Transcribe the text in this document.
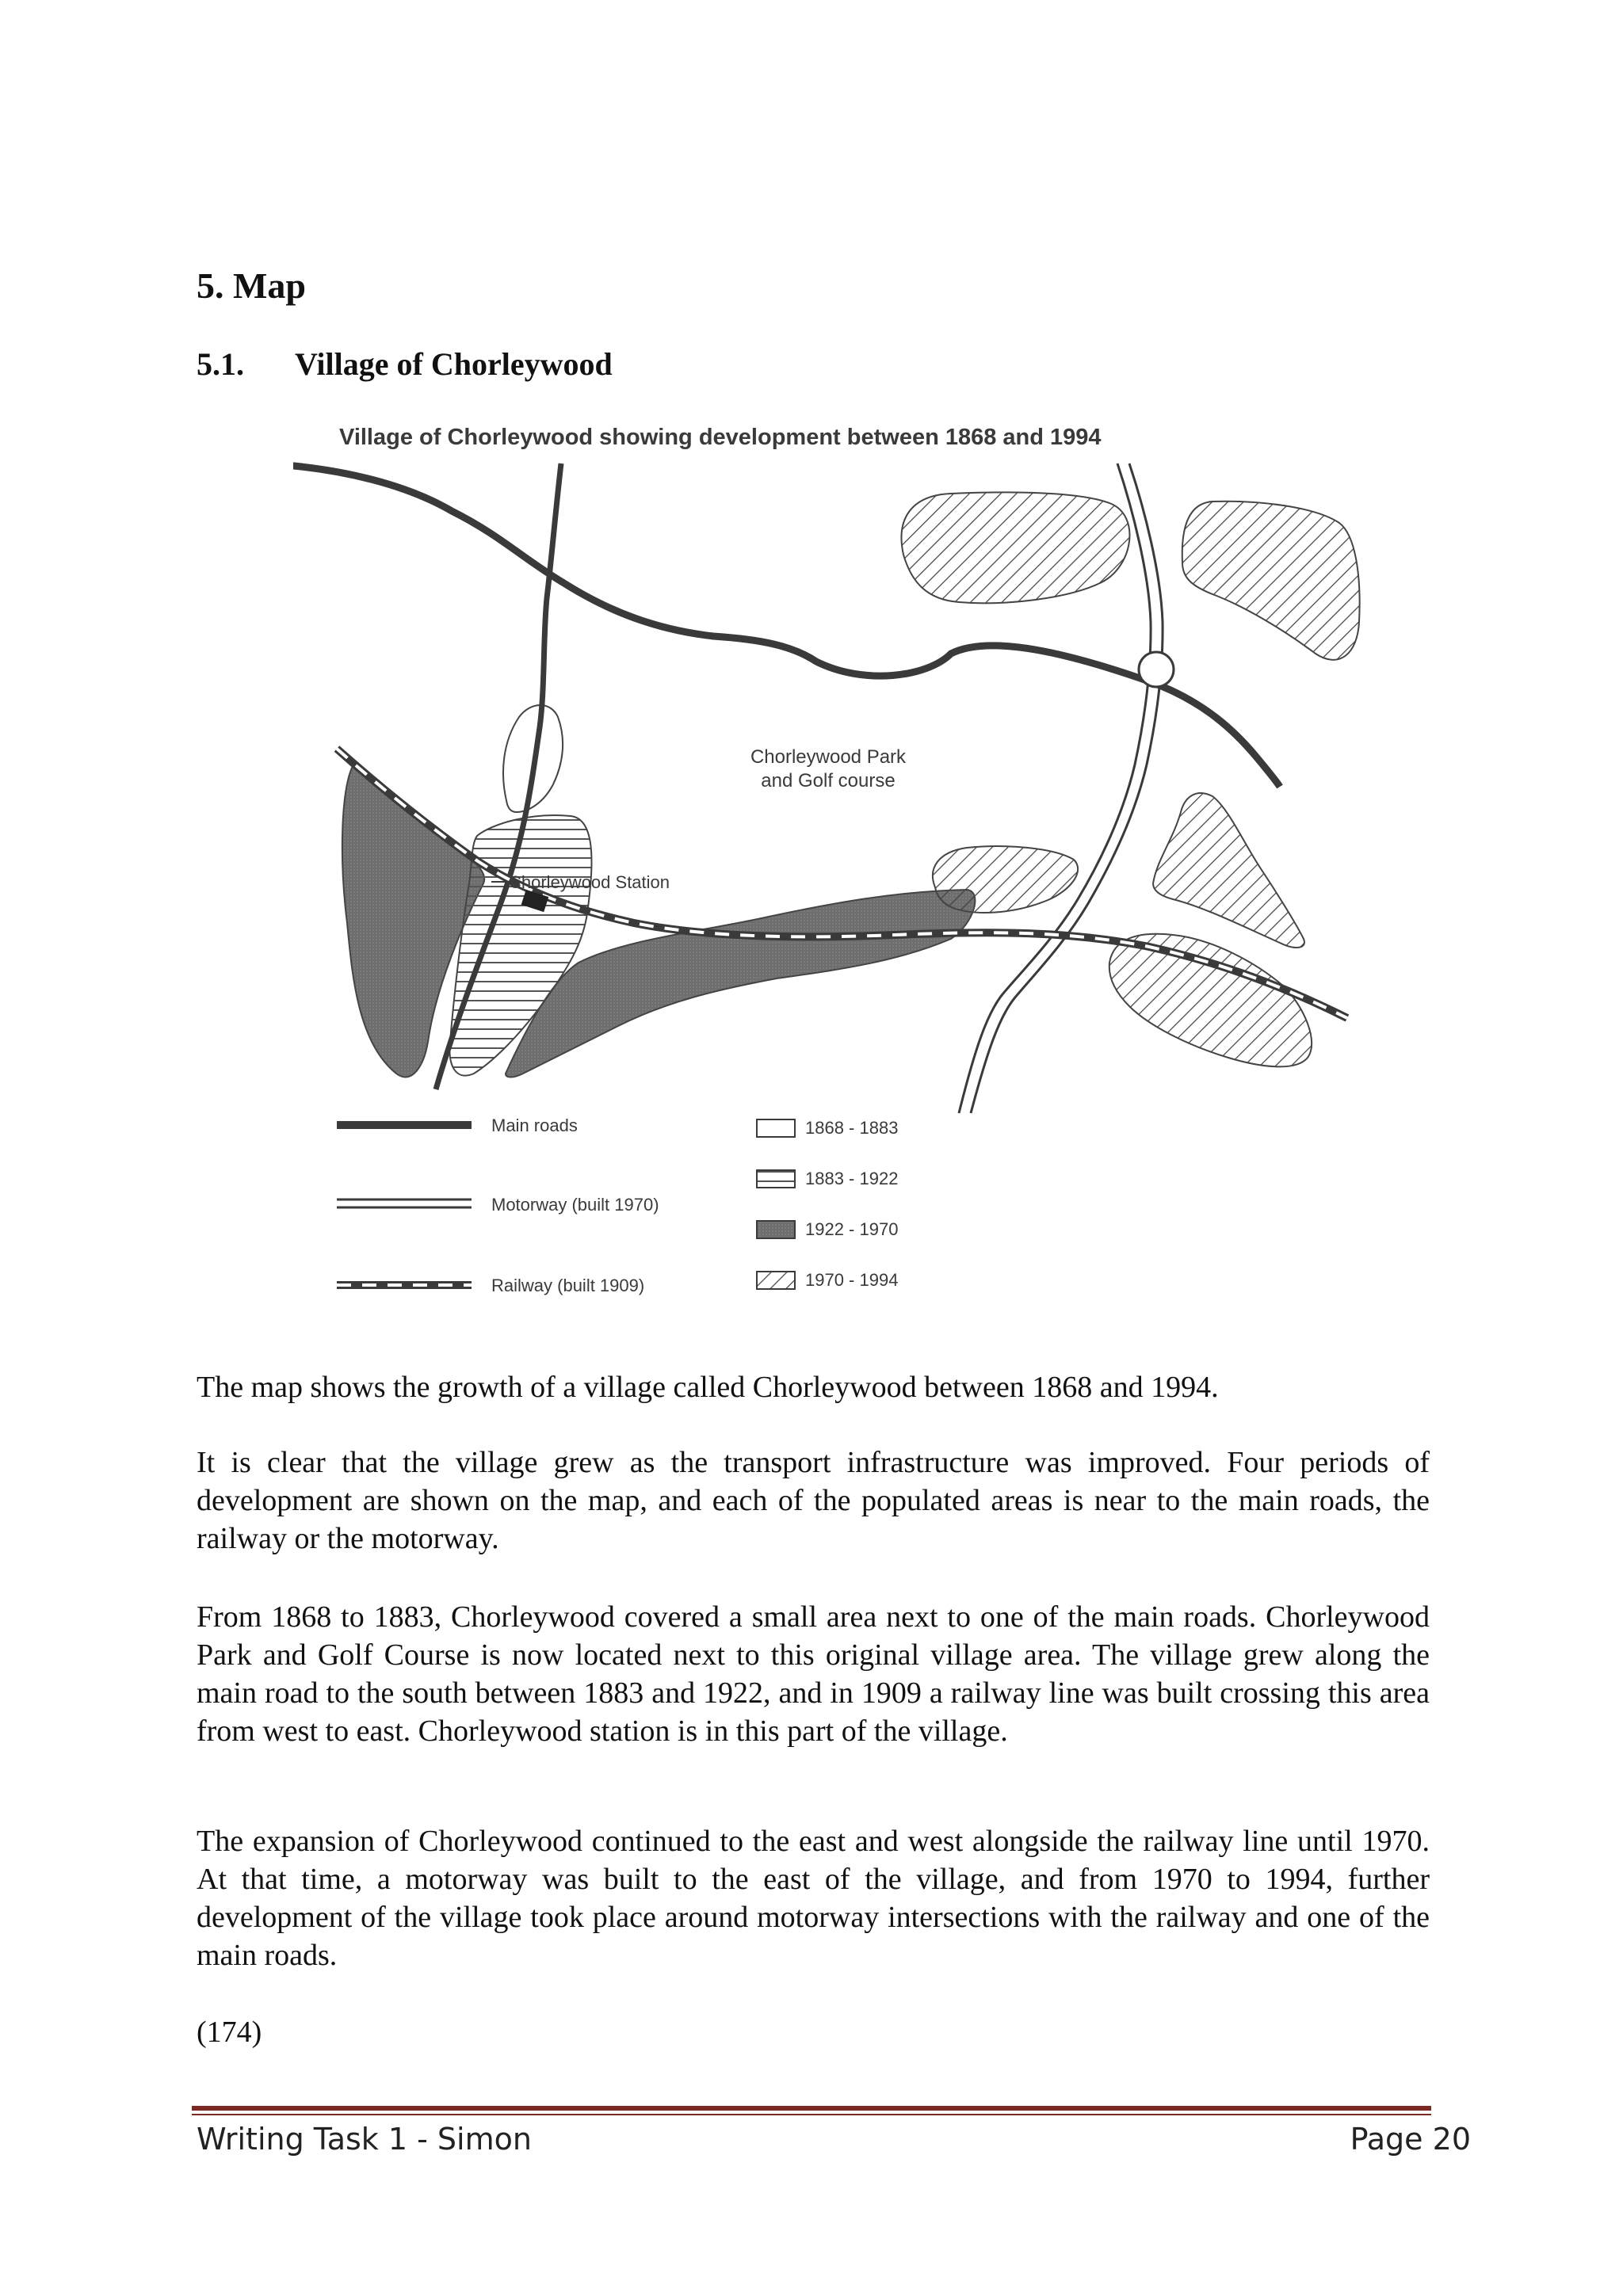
5. Map
5.1. Village of Chorleywood
Village of Chorleywood showing development between 1868 and 1994
Chorleywood Park
and Golf course
Chorleywood Station
Main roads
Motorway (built 1970)
Railway (built 1909)
1868 - 1883
1883 - 1922
1922 - 1970
1970 - 1994
The map shows the growth of a village called Chorleywood between 1868 and 1994.
It is clear that the village grew as the transport infrastructure was improved. Four periods of development are shown on the map, and each of the populated areas is near to the main roads, the railway or the motorway.
From 1868 to 1883, Chorleywood covered a small area next to one of the main roads. Chorleywood Park and Golf Course is now located next to this original village area. The village grew along the main road to the south between 1883 and 1922, and in 1909 a railway line was built crossing this area from west to east. Chorleywood station is in this part of the village.
The expansion of Chorleywood continued to the east and west alongside the railway line until 1970. At that time, a motorway was built to the east of the village, and from 1970 to 1994, further development of the village took place around motorway intersections with the railway and one of the main roads.
(174)
Writing Task 1 - Simon	Page 20
